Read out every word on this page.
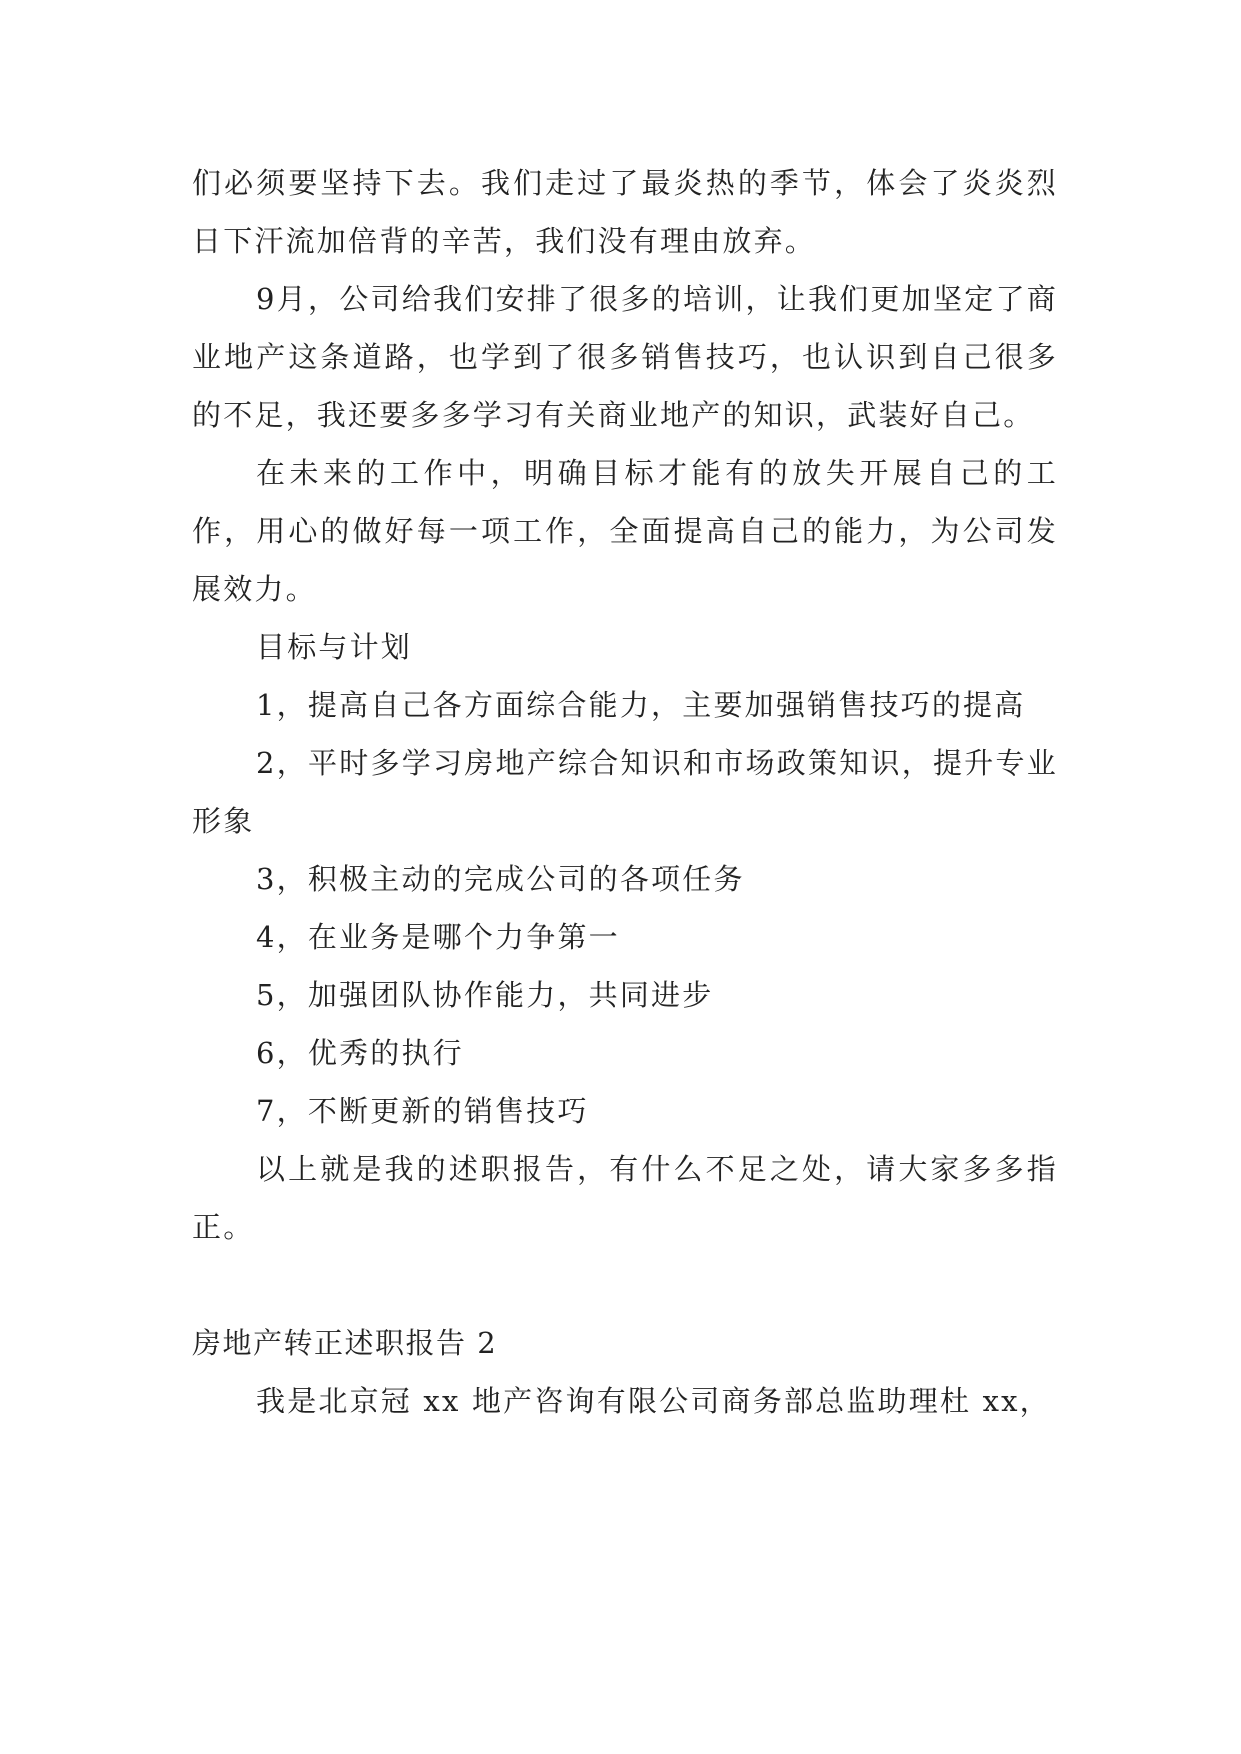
们必须要坚持下去。我们走过了最炎热的季节，体会了炎炎烈日下汗流加倍背的辛苦，我们没有理由放弃。

9月，公司给我们安排了很多的培训，让我们更加坚定了商业地产这条道路，也学到了很多销售技巧，也认识到自己很多的不足，我还要多多学习有关商业地产的知识，武装好自己。

在未来的工作中，明确目标才能有的放失开展自己的工作，用心的做好每一项工作，全面提高自己的能力，为公司发展效力。

目标与计划

1，提高自己各方面综合能力，主要加强销售技巧的提高

2，平时多学习房地产综合知识和市场政策知识，提升专业形象

3，积极主动的完成公司的各项任务

4，在业务是哪个力争第一

5，加强团队协作能力，共同进步

6，优秀的执行

7，不断更新的销售技巧

以上就是我的述职报告，有什么不足之处，请大家多多指正。

房地产转正述职报告 2

我是北京冠 xx 地产咨询有限公司商务部总监助理杜 xx，
